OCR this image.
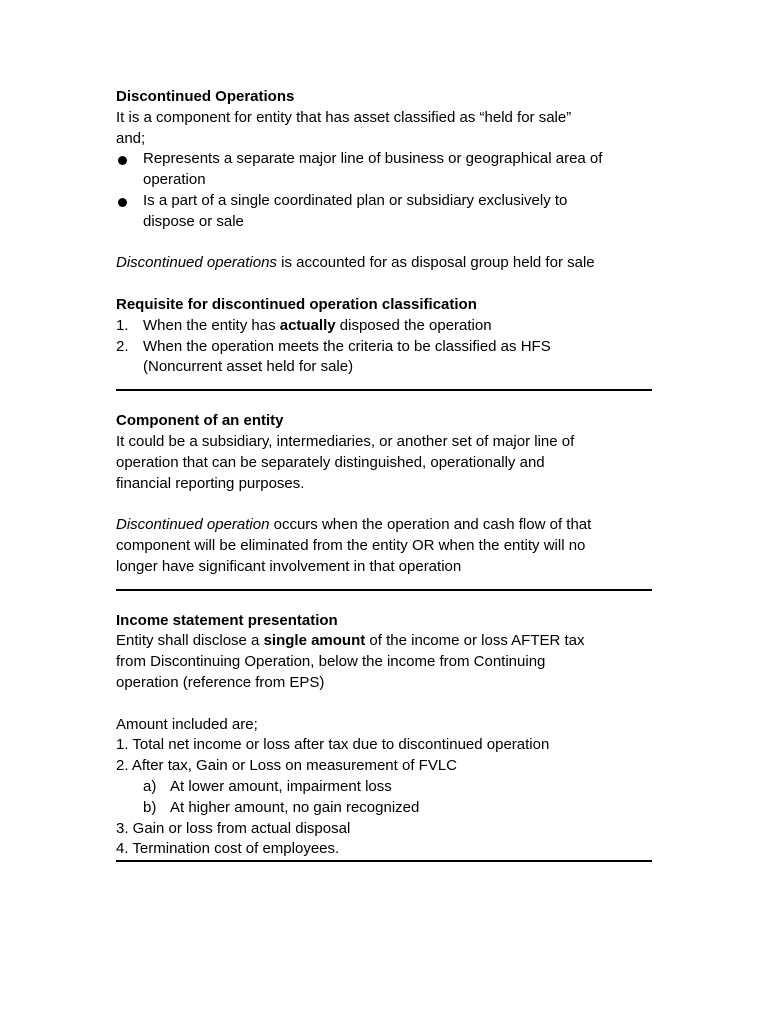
Discontinued Operations
It is a component for entity that has asset classified as “held for sale”
and;
Represents a separate major line of business or geographical area of
operation
Is a part of a single coordinated plan or subsidiary exclusively to
dispose or sale
Discontinued operations is accounted for as disposal group held for sale
Requisite for discontinued operation classification
1. When the entity has actually disposed the operation
2. When the operation meets the criteria to be classified as HFS
(Noncurrent asset held for sale)
Component of an entity
It could be a subsidiary, intermediaries, or another set of major line of
operation that can be separately distinguished, operationally and
financial reporting purposes.
Discontinued operation occurs when the operation and cash flow of that
component will be eliminated from the entity OR when the entity will no
longer have significant involvement in that operation
Income statement presentation
Entity shall disclose a single amount of the income or loss AFTER tax
from Discontinuing Operation, below the income from Continuing
operation (reference from EPS)
Amount included are;
1. Total net income or loss after tax due to discontinued operation
2. After tax, Gain or Loss on measurement of FVLC
a) At lower amount, impairment loss
b) At higher amount, no gain recognized
3. Gain or loss from actual disposal
4. Termination cost of employees.
